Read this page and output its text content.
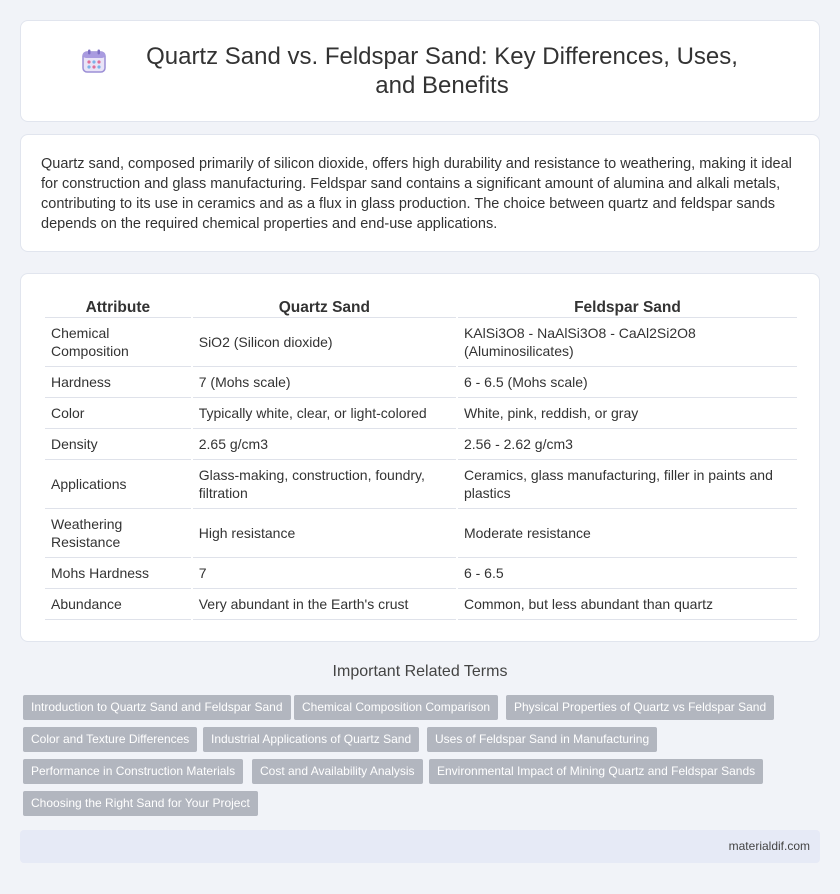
Quartz Sand vs. Feldspar Sand: Key Differences, Uses, and Benefits

Quartz sand, composed primarily of silicon dioxide, offers high durability and resistance to weathering, making it ideal for construction and glass manufacturing. Feldspar sand contains a significant amount of alumina and alkali metals, contributing to its use in ceramics and as a flux in glass production. The choice between quartz and feldspar sands depends on the required chemical properties and end-use applications.

Attribute	Quartz Sand	Feldspar Sand
Chemical Composition	SiO2 (Silicon dioxide)	KAlSi3O8 - NaAlSi3O8 - CaAl2Si2O8 (Aluminosilicates)
Hardness	7 (Mohs scale)	6 - 6.5 (Mohs scale)
Color	Typically white, clear, or light-colored	White, pink, reddish, or gray
Density	2.65 g/cm3	2.56 - 2.62 g/cm3
Applications	Glass-making, construction, foundry, filtration	Ceramics, glass manufacturing, filler in paints and plastics
Weathering Resistance	High resistance	Moderate resistance
Mohs Hardness	7	6 - 6.5
Abundance	Very abundant in the Earth's crust	Common, but less abundant than quartz
Important Related Terms
Introduction to Quartz Sand and Feldspar Sand	Chemical Composition Comparison	Physical Properties of Quartz vs Feldspar Sand
Color and Texture Differences	Industrial Applications of Quartz Sand	Uses of Feldspar Sand in Manufacturing
Performance in Construction Materials	Cost and Availability Analysis	Environmental Impact of Mining Quartz and Feldspar Sands
Choosing the Right Sand for Your Project
materialdif.com
